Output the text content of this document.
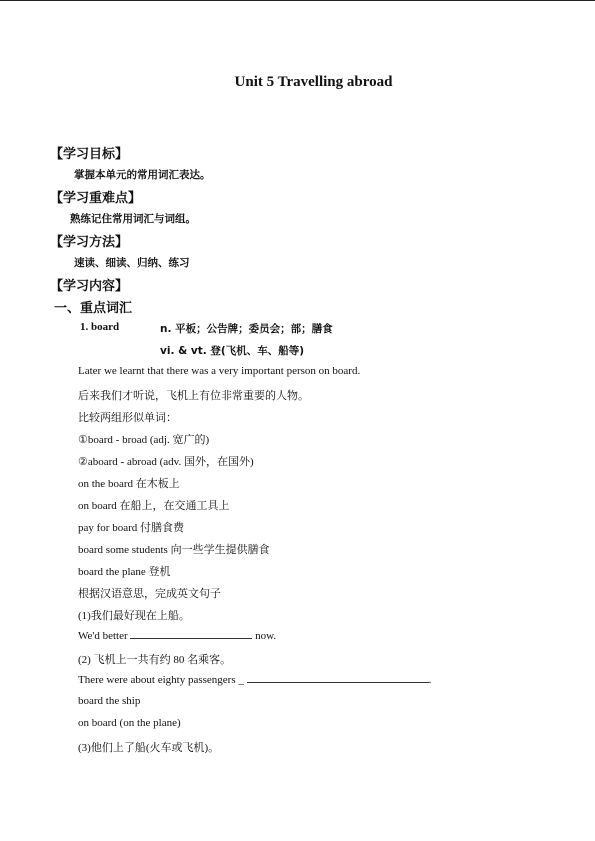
Unit 5 Travelling abroad
【学习目标】
掌握本单元的常用词汇表达。
【学习重难点】
熟练记住常用词汇与词组。
【学习方法】
速读、细读、归纳、练习
【学习内容】
一、重点词汇
1. board	n. 平板；公告牌；委员会；部；膳食
vi. & vt. 登(飞机、车、船等)
Later we learnt that there was a very important person on board.
后来我们才听说，飞机上有位非常重要的人物。
比较两组形似单词：
①board - broad (adj. 宽广的)
②aboard - abroad (adv. 国外，在国外)
on the board 在木板上
on board 在船上，在交通工具上
pay for board 付膳食费
board some students 向一些学生提供膳食
board the plane 登机
根据汉语意思，完成英文句子
(1)我们最好现在上船。
We'd better	now.
(2) 飞机上一共有约 80 名乘客。
There were about eighty passengers _	.
board the ship
on board (on the plane)
(3)他们上了船(火车或飞机)。
